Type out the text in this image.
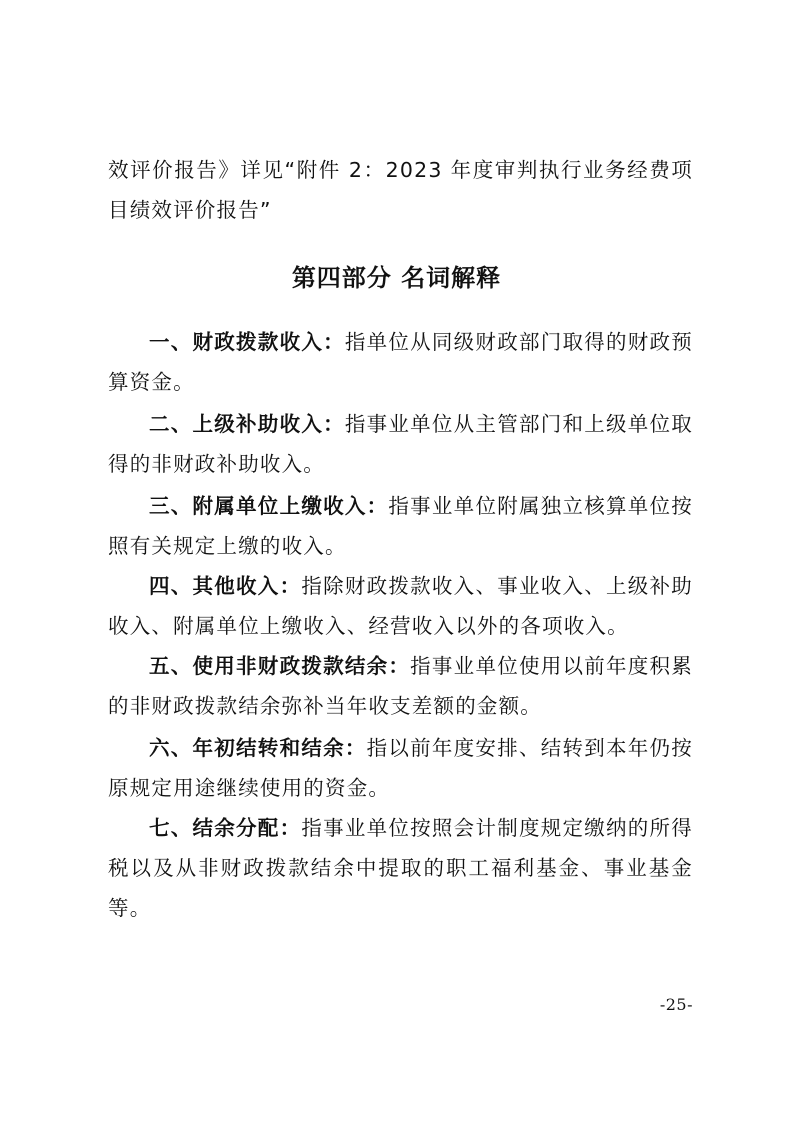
效评价报告》详见“附件 2：2023 年度审判执行业务经费项目绩效评价报告”

第四部分 名词解释

一、财政拨款收入：指单位从同级财政部门取得的财政预算资金。

二、上级补助收入：指事业单位从主管部门和上级单位取得的非财政补助收入。

三、附属单位上缴收入：指事业单位附属独立核算单位按照有关规定上缴的收入。

四、其他收入：指除财政拨款收入、事业收入、上级补助收入、附属单位上缴收入、经营收入以外的各项收入。

五、使用非财政拨款结余：指事业单位使用以前年度积累的非财政拨款结余弥补当年收支差额的金额。

六、年初结转和结余：指以前年度安排、结转到本年仍按原规定用途继续使用的资金。

七、结余分配：指事业单位按照会计制度规定缴纳的所得税以及从非财政拨款结余中提取的职工福利基金、事业基金等。

-25-
